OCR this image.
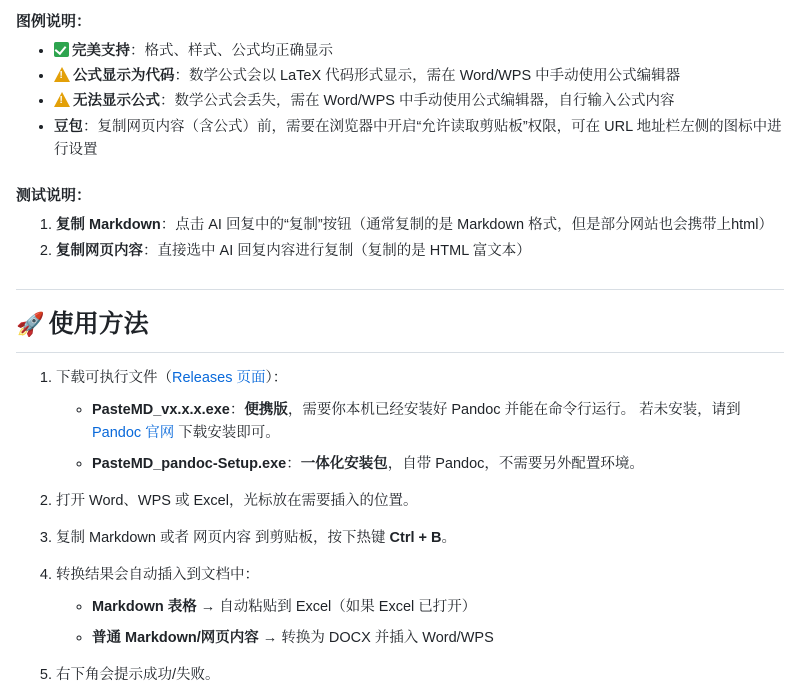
图例说明：
• 完美支持：格式、样式、公式均正确显示
!• 公式显示为代码：数学公式会以 LaTeX 代码形式显示，需在 Word/WPS 中手动使用公式编辑器
!• 无法显示公式：数学公式会丢失，需在 Word/WPS 中手动使用公式编辑器，自行输入公式内容
• 豆包：复制网页内容（含公式）前，需要在浏览器中开启“允许读取剪贴板”权限，可在 URL 地址栏左侧的图标中进行设置
测试说明：
1. 复制 Markdown：点击 AI 回复中的“复制”按钮（通常复制的是 Markdown 格式，但是部分网站也会携带上html）
2. 复制网页内容：直接选中 AI 回复内容进行复制（复制的是 HTML 富文本）
🚀 使用方法
1. 下载可执行文件（Releases 页面）：
◦ PasteMD_vx.x.x.exe：便携版，需要你本机已经安装好 Pandoc 并能在命令行运行。 若未安装，请到 Pandoc 官网 下载安装即可。
◦ PasteMD_pandoc-Setup.exe：一体化安装包，自带 Pandoc，不需要另外配置环境。
2. 打开 Word、WPS 或 Excel，光标放在需要插入的位置。
3. 复制 Markdown 或者 网页内容 到剪贴板，按下热键 Ctrl + B。
4. 转换结果会自动插入到文档中：
◦ Markdown 表格 → 自动粘贴到 Excel（如果 Excel 已打开）
◦ 普通 Markdown/网页内容 → 转换为 DOCX 并插入 Word/WPS
5. 右下角会提示成功/失败。
